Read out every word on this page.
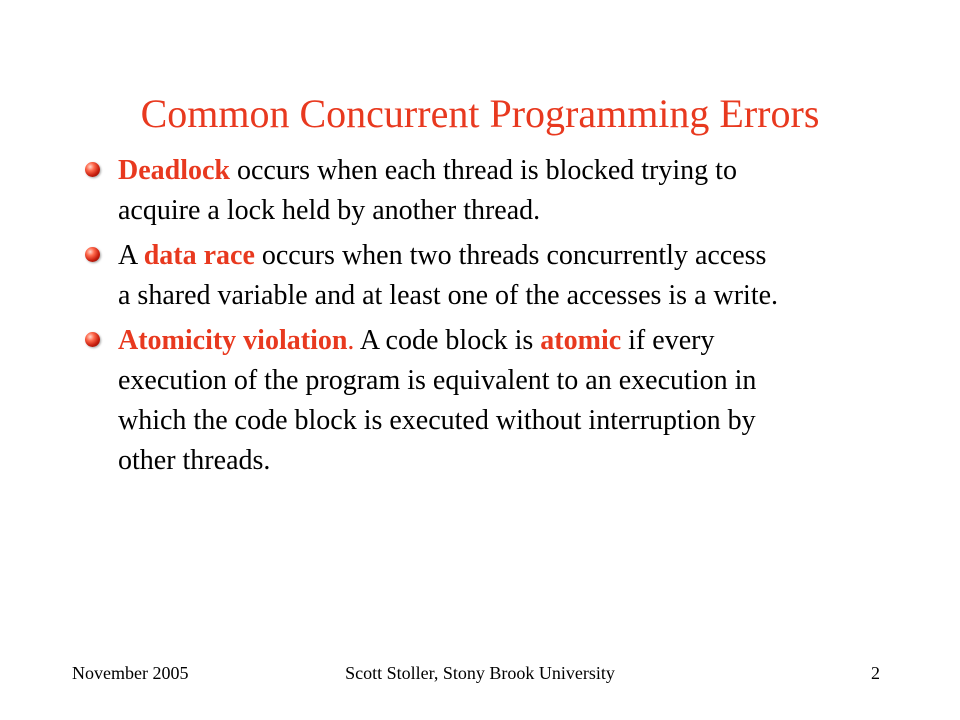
Common Concurrent Programming Errors
Deadlock occurs when each thread is blocked trying to
acquire a lock held by another thread.
A data race occurs when two threads concurrently access
a shared variable and at least one of the accesses is a write.
Atomicity violation. A code block is atomic if every
execution of the program is equivalent to an execution in
which the code block is executed without interruption by
other threads.
November 2005	Scott Stoller, Stony Brook University	2
